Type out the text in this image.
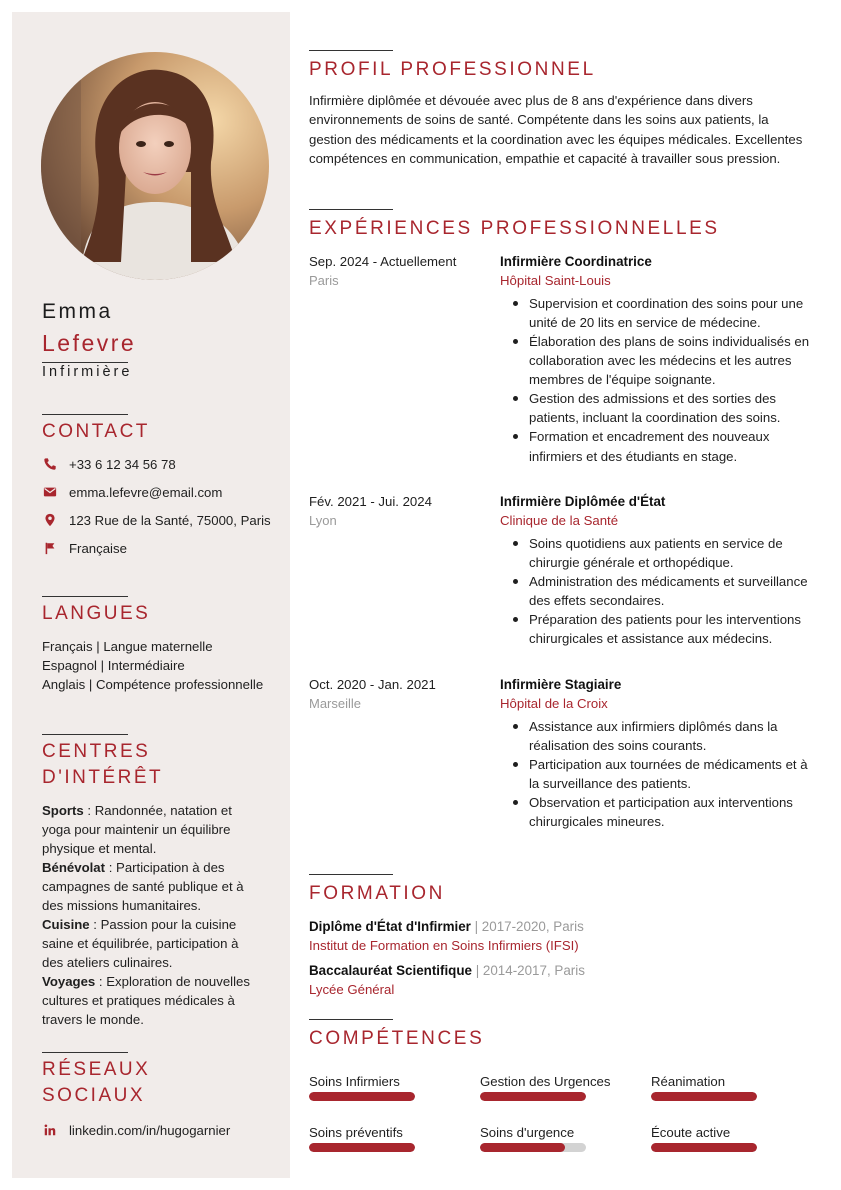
Emma
Lefevre
Infirmière
CONTACT
+33 6 12 34 56 78
emma.lefevre@email.com
123 Rue de la Santé, 75000, Paris
Française
LANGUES
Français | Langue maternelle
Espagnol | Intermédiaire
Anglais | Compétence professionnelle
CENTRES D'INTÉRÊT
Sports : Randonnée, natation et yoga pour maintenir un équilibre physique et mental.
Bénévolat : Participation à des campagnes de santé publique et à des missions humanitaires.
Cuisine : Passion pour la cuisine saine et équilibrée, participation à des ateliers culinaires.
Voyages : Exploration de nouvelles cultures et pratiques médicales à travers le monde.
RÉSEAUX SOCIAUX
linkedin.com/in/hugogarnier
PROFIL PROFESSIONNEL
Infirmière diplômée et dévouée avec plus de 8 ans d'expérience dans divers environnements de soins de santé. Compétente dans les soins aux patients, la gestion des médicaments et la coordination avec les équipes médicales. Excellentes compétences en communication, empathie et capacité à travailler sous pression.
EXPÉRIENCES PROFESSIONNELLES
Sep. 2024 - Actuellement
Paris
Infirmière Coordinatrice
Hôpital Saint-Louis
Supervision et coordination des soins pour une unité de 20 lits en service de médecine.
Élaboration des plans de soins individualisés en collaboration avec les médecins et les autres membres de l'équipe soignante.
Gestion des admissions et des sorties des patients, incluant la coordination des soins.
Formation et encadrement des nouveaux infirmiers et des étudiants en stage.
Fév. 2021 - Jui. 2024
Lyon
Infirmière Diplômée d'État
Clinique de la Santé
Soins quotidiens aux patients en service de chirurgie générale et orthopédique.
Administration des médicaments et surveillance des effets secondaires.
Préparation des patients pour les interventions chirurgicales et assistance aux médecins.
Oct. 2020 - Jan. 2021
Marseille
Infirmière Stagiaire
Hôpital de la Croix
Assistance aux infirmiers diplômés dans la réalisation des soins courants.
Participation aux tournées de médicaments et à la surveillance des patients.
Observation et participation aux interventions chirurgicales mineures.
FORMATION
Diplôme d'État d'Infirmier | 2017-2020, Paris
Institut de Formation en Soins Infirmiers (IFSI)
Baccalauréat Scientifique | 2014-2017, Paris
Lycée Général
COMPÉTENCES
Soins Infirmiers	Gestion des Urgences	Réanimation
Soins préventifs	Soins d'urgence	Écoute active
